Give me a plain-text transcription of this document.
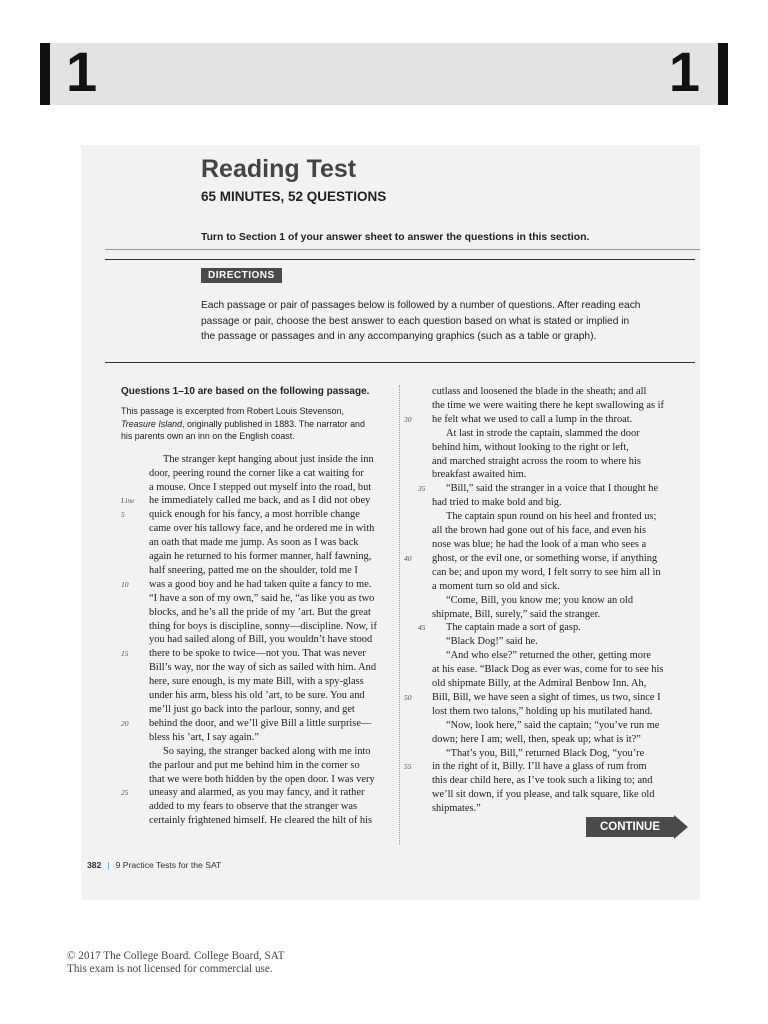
1	1
Reading Test
65 MINUTES, 52 QUESTIONS
Turn to Section 1 of your answer sheet to answer the questions in this section.
DIRECTIONS
Each passage or pair of passages below is followed by a number of questions. After reading each passage or pair, choose the best answer to each question based on what is stated or implied in the passage or passages and in any accompanying graphics (such as a table or graph).

Questions 1–10 are based on the following passage.

This passage is excerpted from Robert Louis Stevenson,
Treasure Island, originally published in 1883. The narrator and
his parents own an inn on the English coast.

The stranger kept hanging about just inside the inn
door, peering round the corner like a cat waiting for
a mouse. Once I stepped out myself into the road, but
Line	he immediately called me back, and as I did not obey
5	quick enough for his fancy, a most horrible change
came over his tallowy face, and he ordered me in with
an oath that made me jump. As soon as I was back
again he returned to his former manner, half fawning,
half sneering, patted me on the shoulder, told me I
10	was a good boy and he had taken quite a fancy to me.
“I have a son of my own,” said he, “as like you as two
blocks, and he’s all the pride of my ’art. But the great
thing for boys is discipline, sonny—discipline. Now, if
you had sailed along of Bill, you wouldn’t have stood
15	there to be spoke to twice—not you. That was never
Bill’s way, nor the way of sich as sailed with him. And
here, sure enough, is my mate Bill, with a spy-glass
under his arm, bless his old ’art, to be sure. You and
me’ll just go back into the parlour, sonny, and get
20	behind the door, and we’ll give Bill a little surprise—
bless his ’art, I say again.”
So saying, the stranger backed along with me into
the parlour and put me behind him in the corner so
that we were both hidden by the open door. I was very
25	uneasy and alarmed, as you may fancy, and it rather
added to my fears to observe that the stranger was
certainly frightened himself. He cleared the hilt of his
cutlass and loosened the blade in the sheath; and all
the time we were waiting there he kept swallowing as if
30	he felt what we used to call a lump in the throat.
At last in strode the captain, slammed the door
behind him, without looking to the right or left,
and marched straight across the room to where his
breakfast awaited him.
35 “Bill,” said the stranger in a voice that I thought he
had tried to make bold and big.
The captain spun round on his heel and fronted us;
all the brown had gone out of his face, and even his
nose was blue; he had the look of a man who sees a
40	ghost, or the evil one, or something worse, if anything
can be; and upon my word, I felt sorry to see him all in
a moment turn so old and sick.
“Come, Bill, you know me; you know an old
shipmate, Bill, surely,” said the stranger.
45 The captain made a sort of gasp.
“Black Dog!” said he.
“And who else?” returned the other, getting more
at his ease. “Black Dog as ever was, come for to see his
old shipmate Billy, at the Admiral Benbow Inn. Ah,
50	Bill, Bill, we have seen a sight of times, us two, since I
lost them two talons,” holding up his mutilated hand.
“Now, look here,” said the captain; “you’ve run me
down; here I am; well, then, speak up; what is it?”
“That’s you, Bill,” returned Black Dog, “you’re
55	in the right of it, Billy. I’ll have a glass of rum from
this dear child here, as I’ve took such a liking to; and
we’ll sit down, if you please, and talk square, like old
shipmates.”
CONTINUE
382 | 9 Practice Tests for the SAT
© 2017 The College Board. College Board, SAT
This exam is not licensed for commercial use.
